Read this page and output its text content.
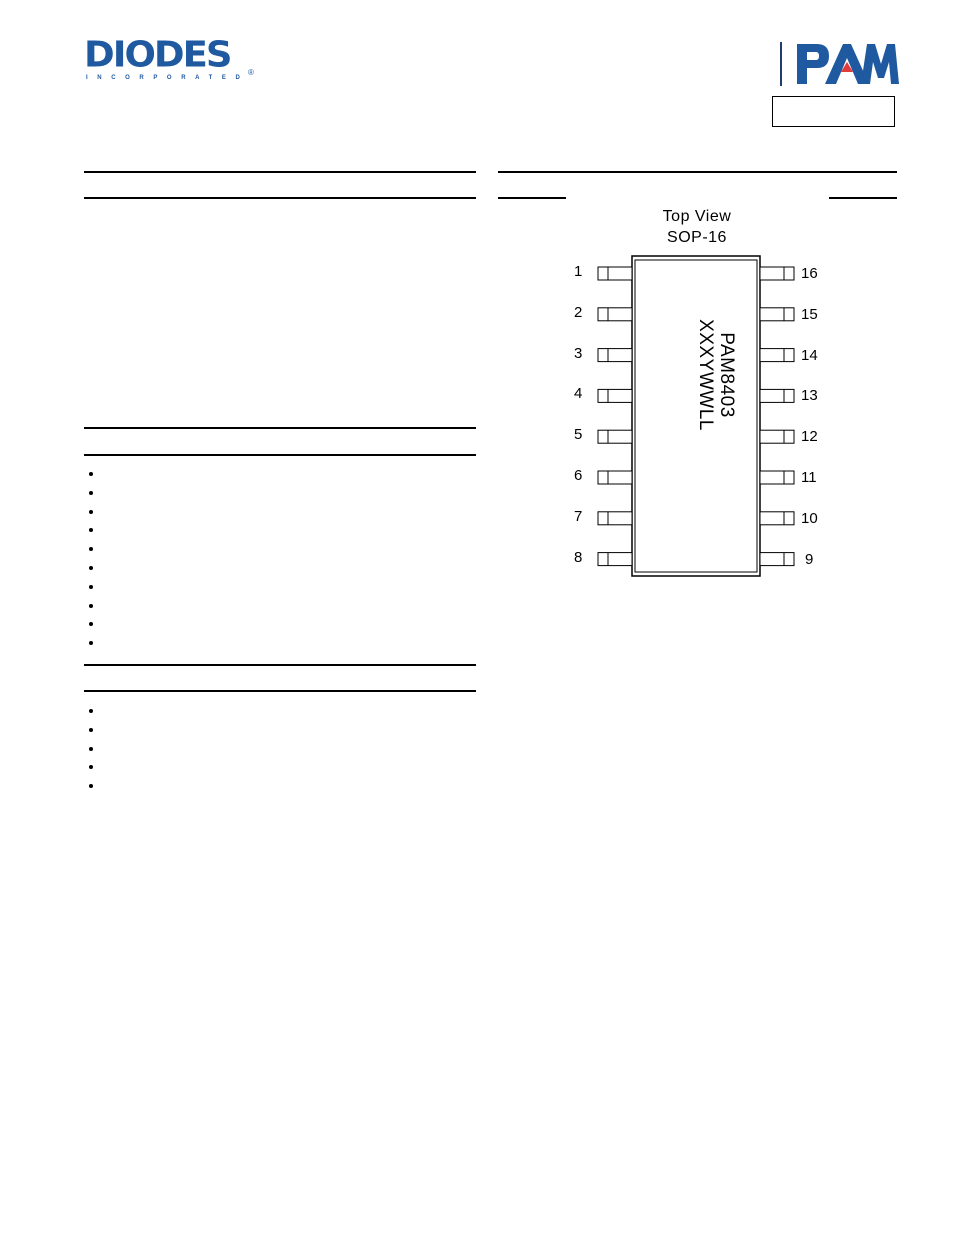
DIODES
INCORPORATED
®
Top View
SOP-16
PAM8403
XXXYWWLL
1
2
3
4
5
6
7
8
16
15
14
13
12
11
10
9
